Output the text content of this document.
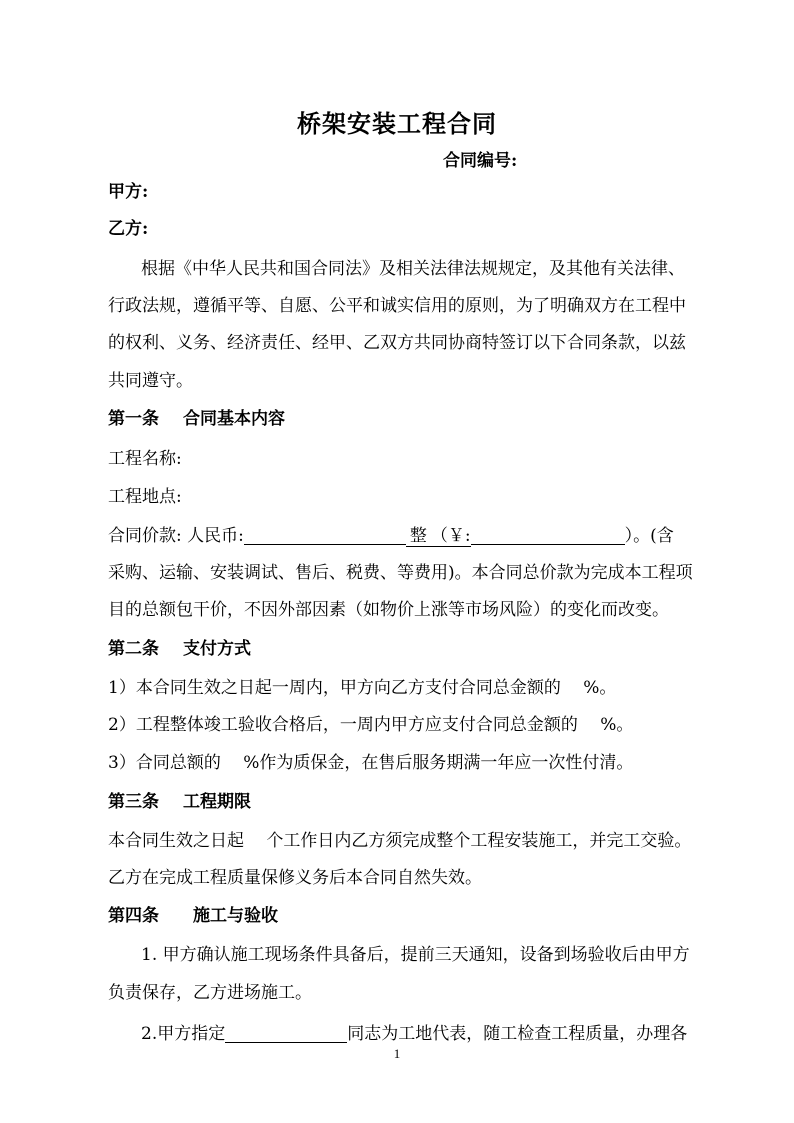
桥架安装工程合同
合同编号:
甲方:
乙方:
根据《中华人民共和国合同法》及相关法律法规规定，及其他有关法律、
行政法规，遵循平等、自愿、公平和诚实信用的原则，为了明确双方在工程中
的权利、义务、经济责任、经甲、乙双方共同协商特签订以下合同条款，以兹
共同遵守。
第一条 合同基本内容
工程名称:
工程地点:
合同价款: 人民币:	整 （￥:	）。(含
采购、运输、安装调试、售后、税费、等费用)。本合同总价款为完成本工程项
目的总额包干价，不因外部因素（如物价上涨等市场风险）的变化而改变。
第二条 支付方式
1）本合同生效之日起一周内，甲方向乙方支付合同总金额的　 %。
2）工程整体竣工验收合格后，一周内甲方应支付合同总金额的　 %。
3）合同总额的　 %作为质保金，在售后服务期满一年应一次性付清。
第三条 工程期限
本合同生效之日起　 个工作日内乙方须完成整个工程安装施工，并完工交验。
乙方在完成工程质量保修义务后本合同自然失效。
第四条 施工与验收
1. 甲方确认施工现场条件具备后，提前三天通知，设备到场验收后由甲方
负责保存，乙方进场施工。
2.甲方指定	同志为工地代表，随工检查工程质量，办理各
1
